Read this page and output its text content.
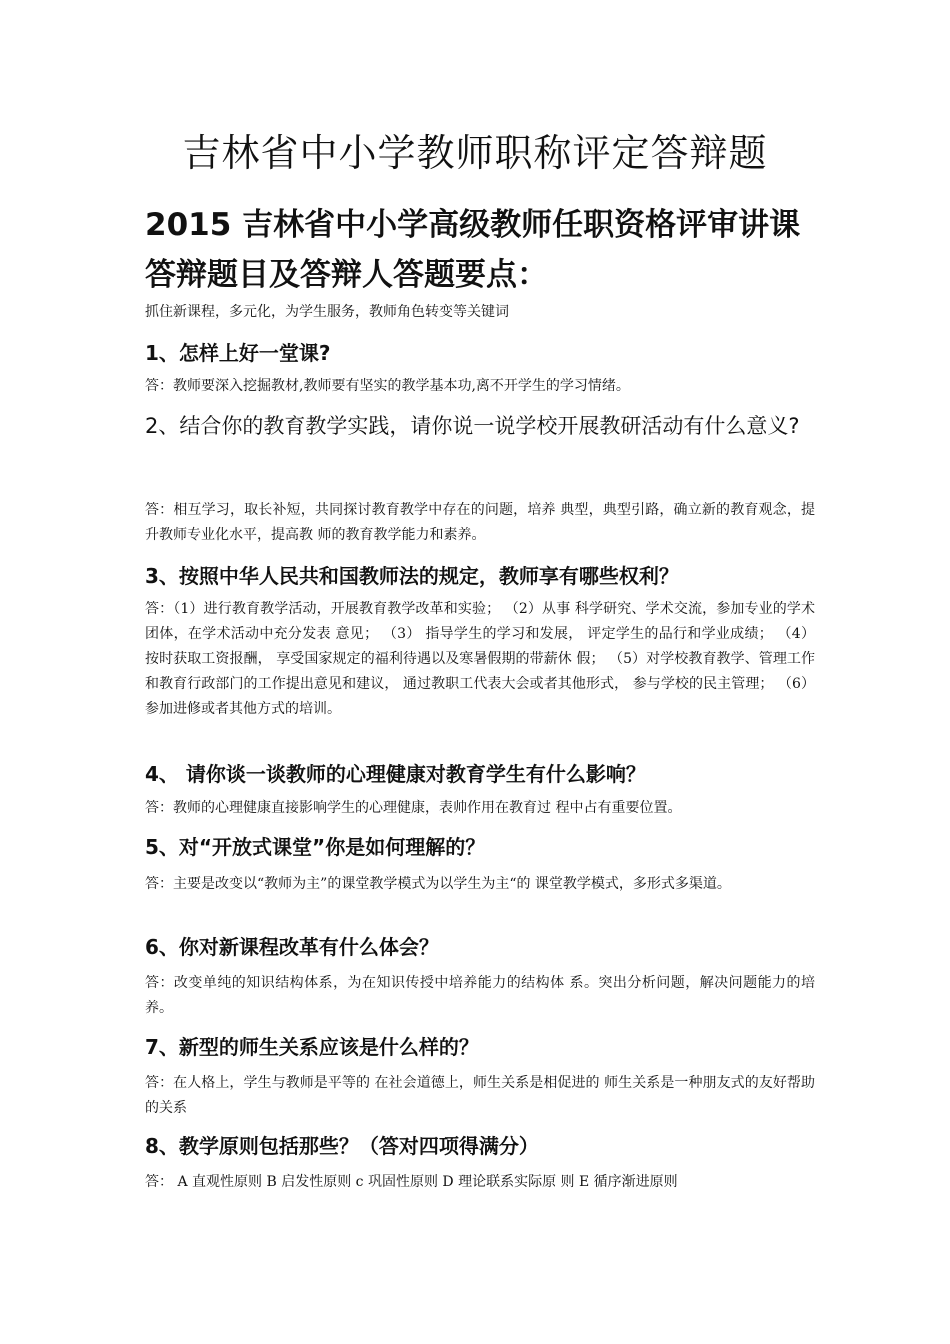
吉林省中小学教师职称评定答辩题
2015 吉林省中小学高级教师任职资格评审讲课答辩题目及答辩人答题要点：
抓住新课程，多元化，为学生服务，教师角色转变等关键词
1、怎样上好一堂课?

答：教师要深入挖掘教材,教师要有坚实的教学基本功,离不开学生的学习情绪。

2、结合你的教育教学实践，请你说一说学校开展教研活动有什么意义?

答：相互学习，取长补短，共同探讨教育教学中存在的问题，培养 典型，典型引路，确立新的教育观念，提升教师专业化水平，提高教 师的教育教学能力和素养。

3、按照中华人民共和国教师法的规定，教师享有哪些权利？

答：（1）进行教育教学活动，开展教育教学改革和实验； （2）从事 科学研究、学术交流，参加专业的学术团体，在学术活动中充分发表 意见； （3） 指导学生的学习和发展， 评定学生的品行和学业成绩； （4） 按时获取工资报酬， 享受国家规定的福利待遇以及寒暑假期的带薪休 假； （5）对学校教育教学、管理工作和教育行政部门的工作提出意见和建议， 通过教职工代表大会或者其他形式， 参与学校的民主管理； （6）参加进修或者其他方式的培训。

4、 请你谈一谈教师的心理健康对教育学生有什么影响？

答：教师的心理健康直接影响学生的心理健康，表帅作用在教育过 程中占有重要位置。

5、对“开放式课堂”你是如何理解的？

答：主要是改变以“教师为主”的课堂教学模式为以学生为主“的 课堂教学模式，多形式多渠道。

6、你对新课程改革有什么体会？

答：改变单纯的知识结构体系，为在知识传授中培养能力的结构体 系。突出分析问题，解决问题能力的培养。

7、新型的师生关系应该是什么样的？

答：在人格上，学生与教师是平等的 在社会道德上，师生关系是相促进的 师生关系是一种朋友式的友好帮助的关系

8、教学原则包括那些？（答对四项得满分）

答： A 直观性原则 B 启发性原则 c 巩固性原则 D 理论联系实际原 则 E 循序渐进原则
